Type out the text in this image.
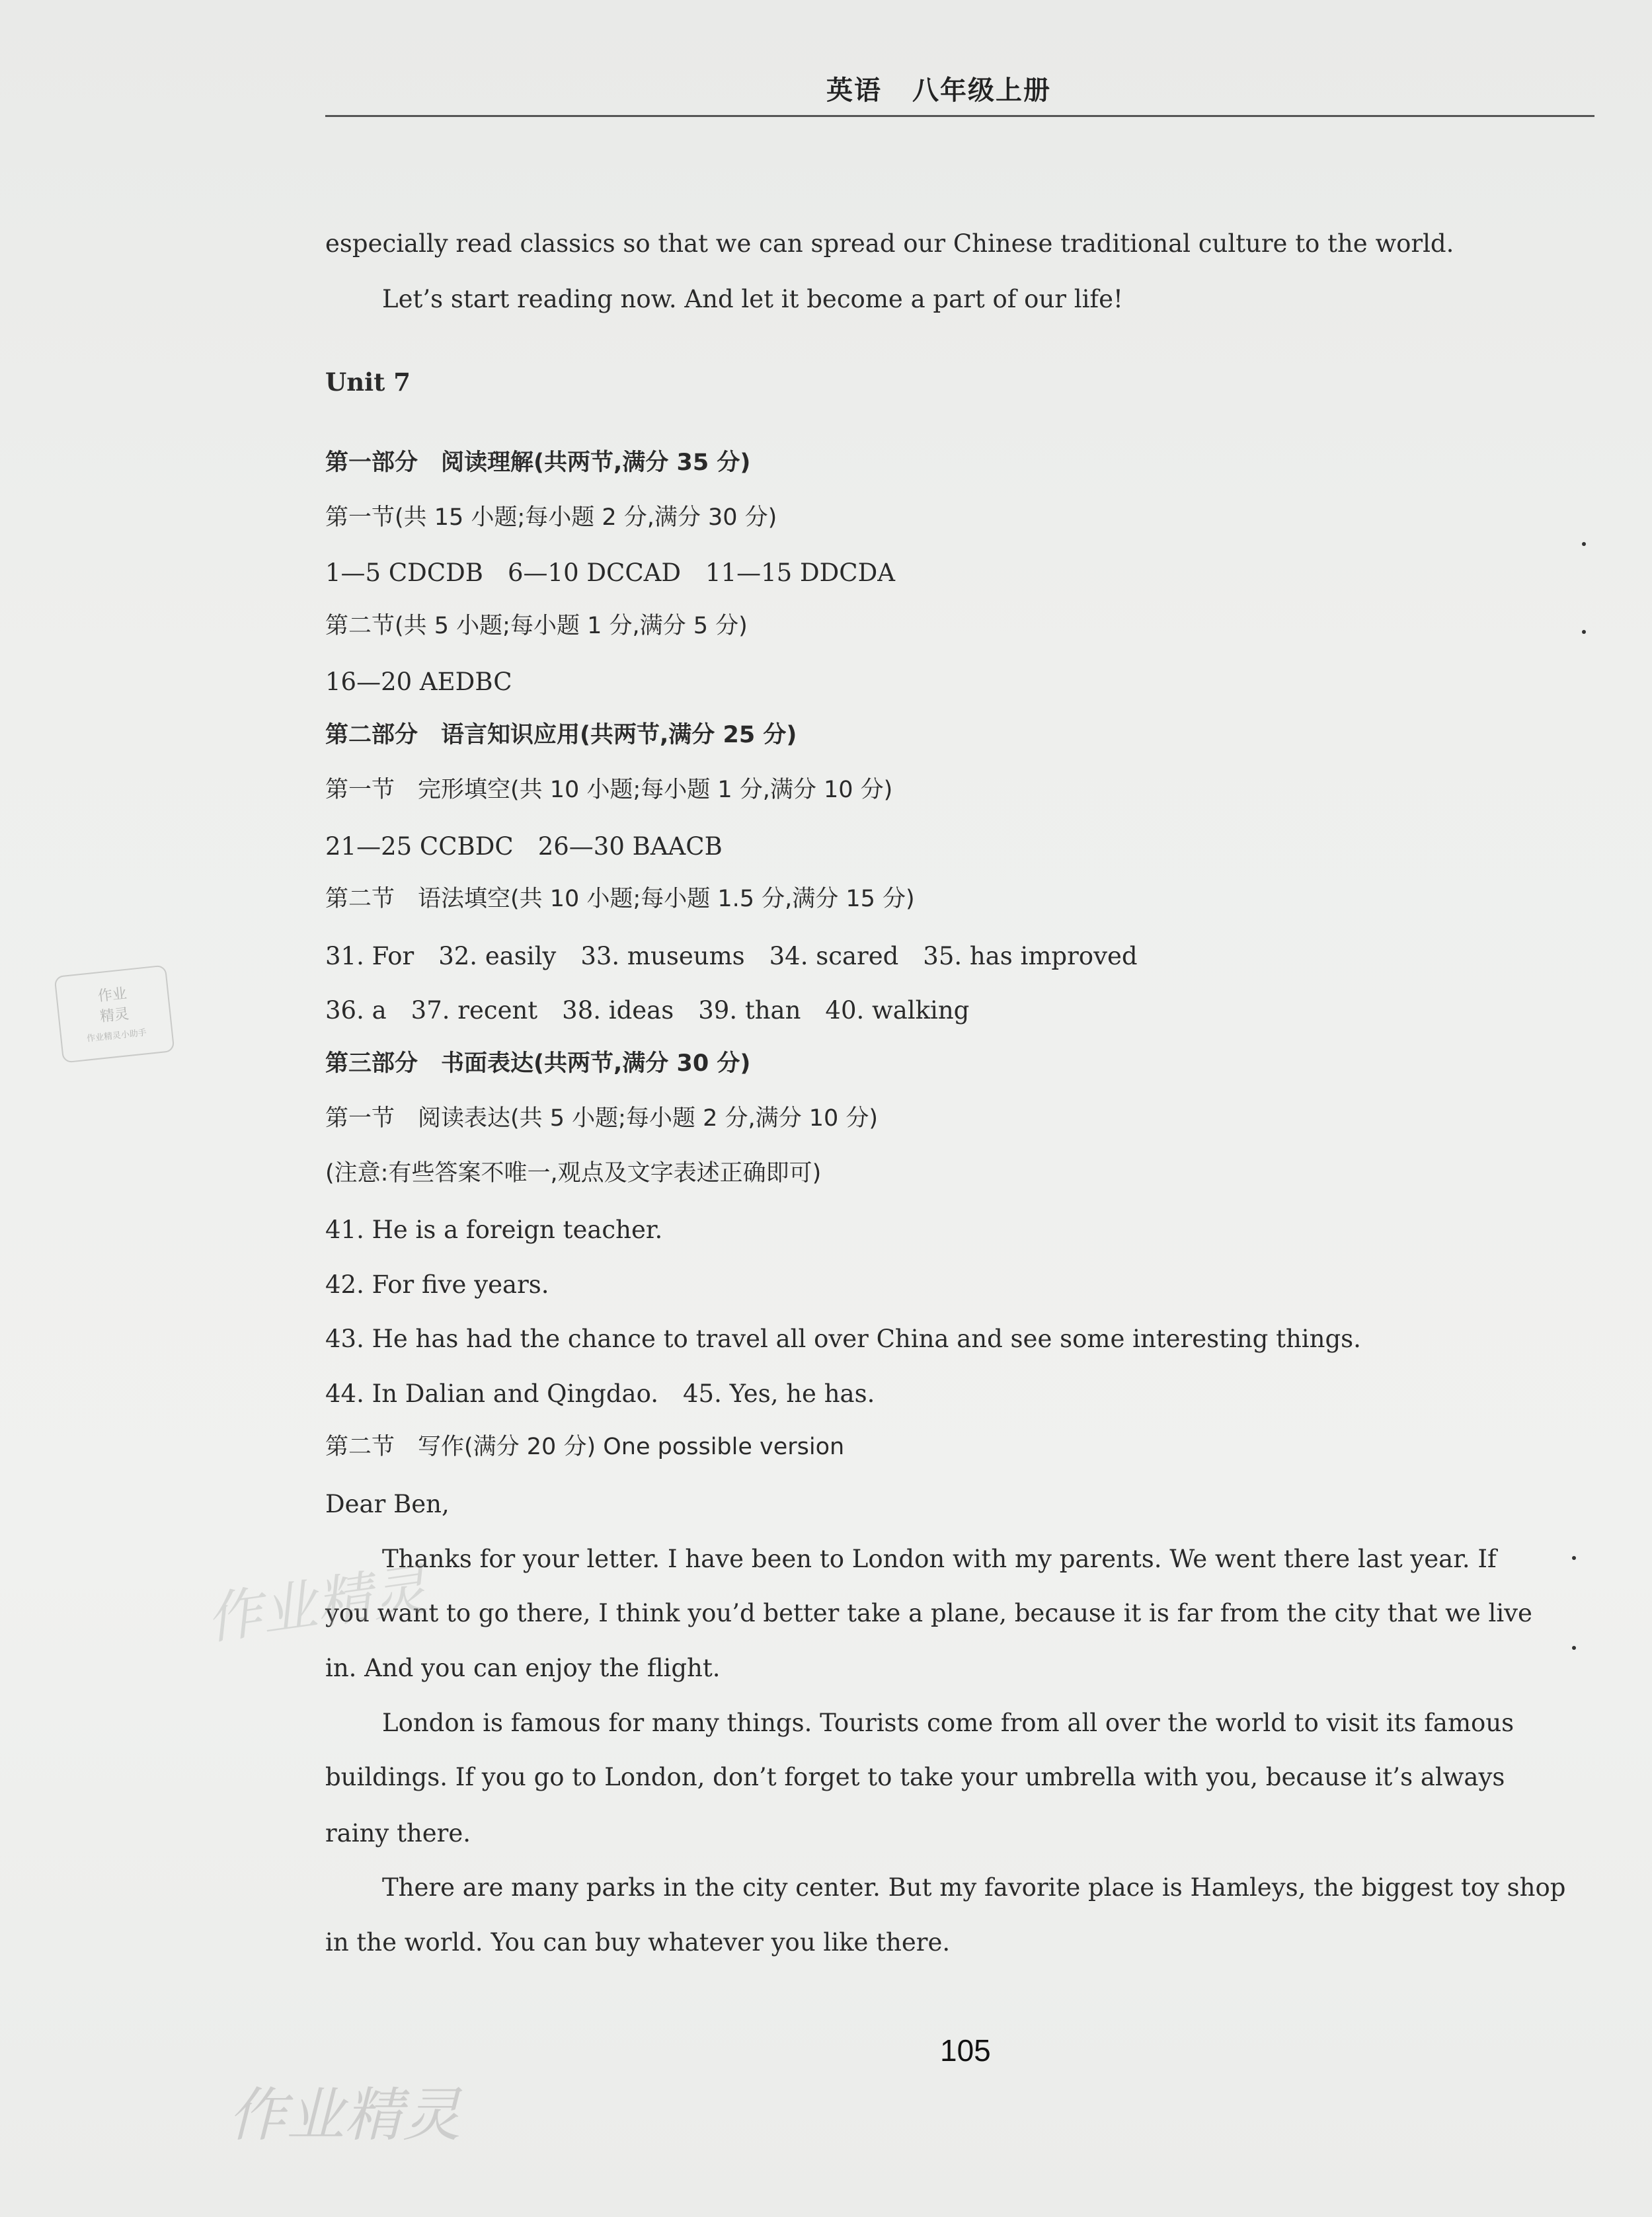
英语 八年级上册
especially read classics so that we can spread our Chinese traditional culture to the world.
Let’s start reading now. And let it become a part of our life!
Unit 7
第一部分　阅读理解(共两节,满分 35 分)
第一节(共 15 小题;每小题 2 分,满分 30 分)
1—5 CDCDB　6—10 DCCAD　11—15 DDCDA
第二节(共 5 小题;每小题 1 分,满分 5 分)
16—20 AEDBC
第二部分　语言知识应用(共两节,满分 25 分)
第一节　完形填空(共 10 小题;每小题 1 分,满分 10 分)
21—25 CCBDC　26—30 BAACB
第二节　语法填空(共 10 小题;每小题 1.5 分,满分 15 分)
31. For　32. easily　33. museums　34. scared　35. has improved
36. a　37. recent　38. ideas　39. than　40. walking
第三部分　书面表达(共两节,满分 30 分)
第一节　阅读表达(共 5 小题;每小题 2 分,满分 10 分)
(注意:有些答案不唯一,观点及文字表述正确即可)
41. He is a foreign teacher.
42. For five years.
43. He has had the chance to travel all over China and see some interesting things.
44. In Dalian and Qingdao.　45. Yes, he has.
第二节　写作(满分 20 分) One possible version
Dear Ben,
Thanks for your letter. I have been to London with my parents. We went there last year. If
you want to go there, I think you’d better take a plane, because it is far from the city that we live
in. And you can enjoy the flight.
London is famous for many things. Tourists come from all over the world to visit its famous
buildings. If you go to London, don’t forget to take your umbrella with you, because it’s always
rainy there.
There are many parks in the city center. But my favorite place is Hamleys, the biggest toy shop
in the world. You can buy whatever you like there.
105
作业
精灵
作业精灵小助手
作业精灵
作业精灵
